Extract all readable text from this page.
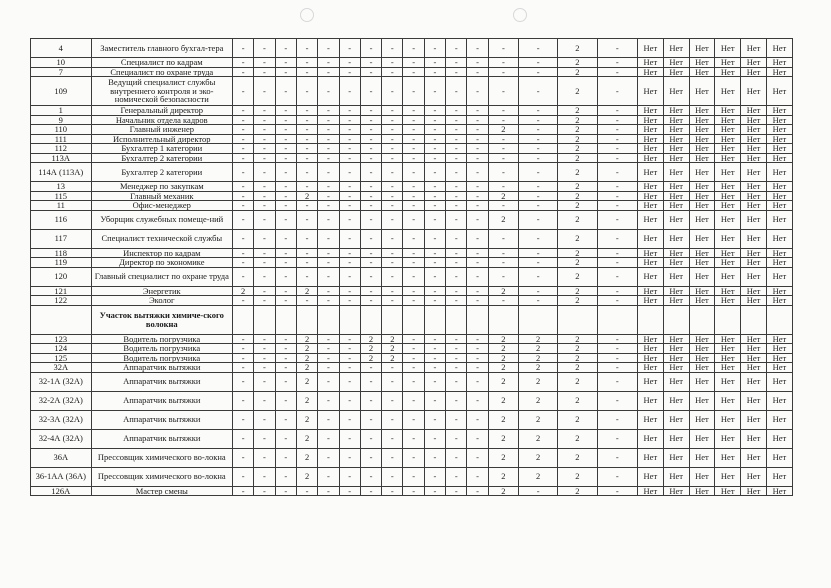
4	Заместитель главного бухгал-тера	-	-	-	-	-	-	-	-	-	-	-	-	-	-	2	-	Нет	Нет	Нет	Нет	Нет	Нет
10	Специалист по кадрам	-	-	-	-	-	-	-	-	-	-	-	-	-	-	2	-	Нет	Нет	Нет	Нет	Нет	Нет
7	Специалист по охране труда	-	-	-	-	-	-	-	-	-	-	-	-	-	-	2	-	Нет	Нет	Нет	Нет	Нет	Нет
109	Ведущий специалист службы внутреннего контроля и эко-номической безопасности	-	-	-	-	-	-	-	-	-	-	-	-	-	-	2	-	Нет	Нет	Нет	Нет	Нет	Нет
1	Генеральный директор	-	-	-	-	-	-	-	-	-	-	-	-	-	-	2	-	Нет	Нет	Нет	Нет	Нет	Нет
9	Начальник отдела кадров	-	-	-	-	-	-	-	-	-	-	-	-	-	-	2	-	Нет	Нет	Нет	Нет	Нет	Нет
110	Главный инженер	-	-	-	-	-	-	-	-	-	-	-	-	2	-	2	-	Нет	Нет	Нет	Нет	Нет	Нет
111	Исполнительный директор	-	-	-	-	-	-	-	-	-	-	-	-	-	-	2	-	Нет	Нет	Нет	Нет	Нет	Нет
112	Бухгалтер 1 категории	-	-	-	-	-	-	-	-	-	-	-	-	-	-	2	-	Нет	Нет	Нет	Нет	Нет	Нет
113А	Бухгалтер 2 категории	-	-	-	-	-	-	-	-	-	-	-	-	-	-	2	-	Нет	Нет	Нет	Нет	Нет	Нет
114А (113А)	Бухгалтер 2 категории	-	-	-	-	-	-	-	-	-	-	-	-	-	-	2	-	Нет	Нет	Нет	Нет	Нет	Нет
13	Менеджер по закупкам	-	-	-	-	-	-	-	-	-	-	-	-	-	-	2	-	Нет	Нет	Нет	Нет	Нет	Нет
115	Главный механик	-	-	-	2	-	-	-	-	-	-	-	-	2	-	2	-	Нет	Нет	Нет	Нет	Нет	Нет
11	Офис-менеджер	-	-	-	-	-	-	-	-	-	-	-	-	-	-	2	-	Нет	Нет	Нет	Нет	Нет	Нет
116	Уборщик служебных помеще-ний	-	-	-	-	-	-	-	-	-	-	-	-	2	-	2	-	Нет	Нет	Нет	Нет	Нет	Нет
117	Специалист технической службы	-	-	-	-	-	-	-	-	-	-	-	-	-	-	2	-	Нет	Нет	Нет	Нет	Нет	Нет
118	Инспектор по кадрам	-	-	-	-	-	-	-	-	-	-	-	-	-	-	2	-	Нет	Нет	Нет	Нет	Нет	Нет
119	Директор по экономике	-	-	-	-	-	-	-	-	-	-	-	-	-	-	2	-	Нет	Нет	Нет	Нет	Нет	Нет
120	Главный специалист по охране труда	-	-	-	-	-	-	-	-	-	-	-	-	-	-	2	-	Нет	Нет	Нет	Нет	Нет	Нет
121	Энергетик	2	-	-	2	-	-	-	-	-	-	-	-	2	-	2	-	Нет	Нет	Нет	Нет	Нет	Нет
122	Эколог	-	-	-	-	-	-	-	-	-	-	-	-	-	-	2	-	Нет	Нет	Нет	Нет	Нет	Нет
	Участок вытяжки химиче-ского волокна																						
123	Водитель погрузчика	-	-	-	2	-	-	2	2	-	-	-	-	2	2	2	-	Нет	Нет	Нет	Нет	Нет	Нет
124	Водитель погрузчика	-	-	-	2	-	-	2	2	-	-	-	-	2	2	2	-	Нет	Нет	Нет	Нет	Нет	Нет
125	Водитель погрузчика	-	-	-	2	-	-	2	2	-	-	-	-	2	2	2	-	Нет	Нет	Нет	Нет	Нет	Нет
32А	Аппаратчик вытяжки	-	-	-	2	-	-	-	-	-	-	-	-	2	2	2	-	Нет	Нет	Нет	Нет	Нет	Нет
32-1А (32А)	Аппаратчик вытяжки	-	-	-	2	-	-	-	-	-	-	-	-	2	2	2	-	Нет	Нет	Нет	Нет	Нет	Нет
32-2А (32А)	Аппаратчик вытяжки	-	-	-	2	-	-	-	-	-	-	-	-	2	2	2	-	Нет	Нет	Нет	Нет	Нет	Нет
32-3А (32А)	Аппаратчик вытяжки	-	-	-	2	-	-	-	-	-	-	-	-	2	2	2	-	Нет	Нет	Нет	Нет	Нет	Нет
32-4А (32А)	Аппаратчик вытяжки	-	-	-	2	-	-	-	-	-	-	-	-	2	2	2	-	Нет	Нет	Нет	Нет	Нет	Нет
36А	Прессовщик химического во-локна	-	-	-	2	-	-	-	-	-	-	-	-	2	2	2	-	Нет	Нет	Нет	Нет	Нет	Нет
36-1АА (36А)	Прессовщик химического во-локна	-	-	-	2	-	-	-	-	-	-	-	-	2	2	2	-	Нет	Нет	Нет	Нет	Нет	Нет
126А	Мастер смены	-	-	-	-	-	-	-	-	-	-	-	-	2	-	2	-	Нет	Нет	Нет	Нет	Нет	Нет
